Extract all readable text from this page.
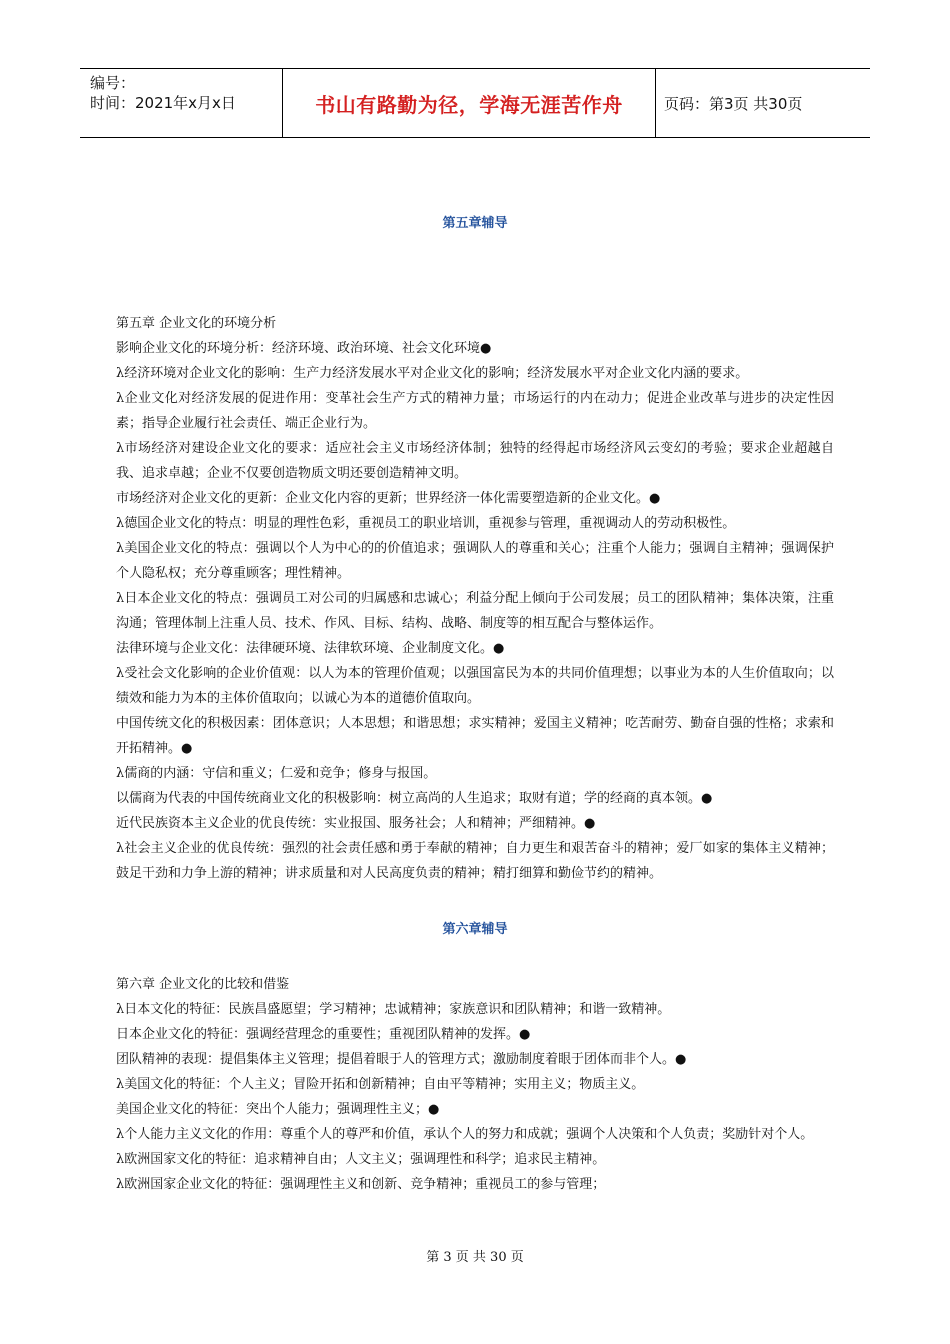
编号：
时间：2021年x月x日	书山有路勤为径，学海无涯苦作舟	页码：第3页 共30页
第五章辅导

第五章 企业文化的环境分析

影响企业文化的环境分析：经济环境、政治环境、社会文化环境●

λ经济环境对企业文化的影响：生产力经济发展水平对企业文化的影响；经济发展水平对企业文化内涵的要求。

λ企业文化对经济发展的促进作用：变革社会生产方式的精神力量；市场运行的内在动力；促进企业改革与进步的决定性因素；指导企业履行社会责任、端正企业行为。

λ市场经济对建设企业文化的要求：适应社会主义市场经济体制；独特的经得起市场经济风云变幻的考验；要求企业超越自我、追求卓越；企业不仅要创造物质文明还要创造精神文明。

市场经济对企业文化的更新：企业文化内容的更新；世界经济一体化需要塑造新的企业文化。●

λ德国企业文化的特点：明显的理性色彩，重视员工的职业培训，重视参与管理，重视调动人的劳动积极性。

λ美国企业文化的特点：强调以个人为中心的的价值追求；强调队人的尊重和关心；注重个人能力；强调自主精神；强调保护个人隐私权；充分尊重顾客；理性精神。

λ日本企业文化的特点：强调员工对公司的归属感和忠诚心；利益分配上倾向于公司发展；员工的团队精神；集体决策，注重沟通；管理体制上注重人员、技术、作风、目标、结构、战略、制度等的相互配合与整体运作。

法律环境与企业文化：法律硬环境、法律软环境、企业制度文化。●

λ受社会文化影响的企业价值观：以人为本的管理价值观；以强国富民为本的共同价值理想；以事业为本的人生价值取向；以绩效和能力为本的主体价值取向；以诚心为本的道德价值取向。

中国传统文化的积极因素：团体意识；人本思想；和谐思想；求实精神；爱国主义精神；吃苦耐劳、勤奋自强的性格；求索和开拓精神。●

λ儒商的内涵：守信和重义；仁爱和竞争；修身与报国。

以儒商为代表的中国传统商业文化的积极影响：树立高尚的人生追求；取财有道；学的经商的真本领。●

近代民族资本主义企业的优良传统：实业报国、服务社会；人和精神；严细精神。●

λ社会主义企业的优良传统：强烈的社会责任感和勇于奉献的精神；自力更生和艰苦奋斗的精神；爱厂如家的集体主义精神；鼓足干劲和力争上游的精神；讲求质量和对人民高度负责的精神；精打细算和勤俭节约的精神。

第六章辅导

第六章 企业文化的比较和借鉴

λ日本文化的特征：民族昌盛愿望；学习精神；忠诚精神；家族意识和团队精神；和谐一致精神。

日本企业文化的特征：强调经营理念的重要性；重视团队精神的发挥。●

团队精神的表现：提倡集体主义管理；提倡着眼于人的管理方式；激励制度着眼于团体而非个人。●

λ美国文化的特征：个人主义；冒险开拓和创新精神；自由平等精神；实用主义；物质主义。

美国企业文化的特征：突出个人能力；强调理性主义；●

λ个人能力主义文化的作用：尊重个人的尊严和价值，承认个人的努力和成就；强调个人决策和个人负责；奖励针对个人。

λ欧洲国家文化的特征：追求精神自由；人文主义；强调理性和科学；追求民主精神。

λ欧洲国家企业文化的特征：强调理性主义和创新、竞争精神；重视员工的参与管理；

第 3 页 共 30 页
